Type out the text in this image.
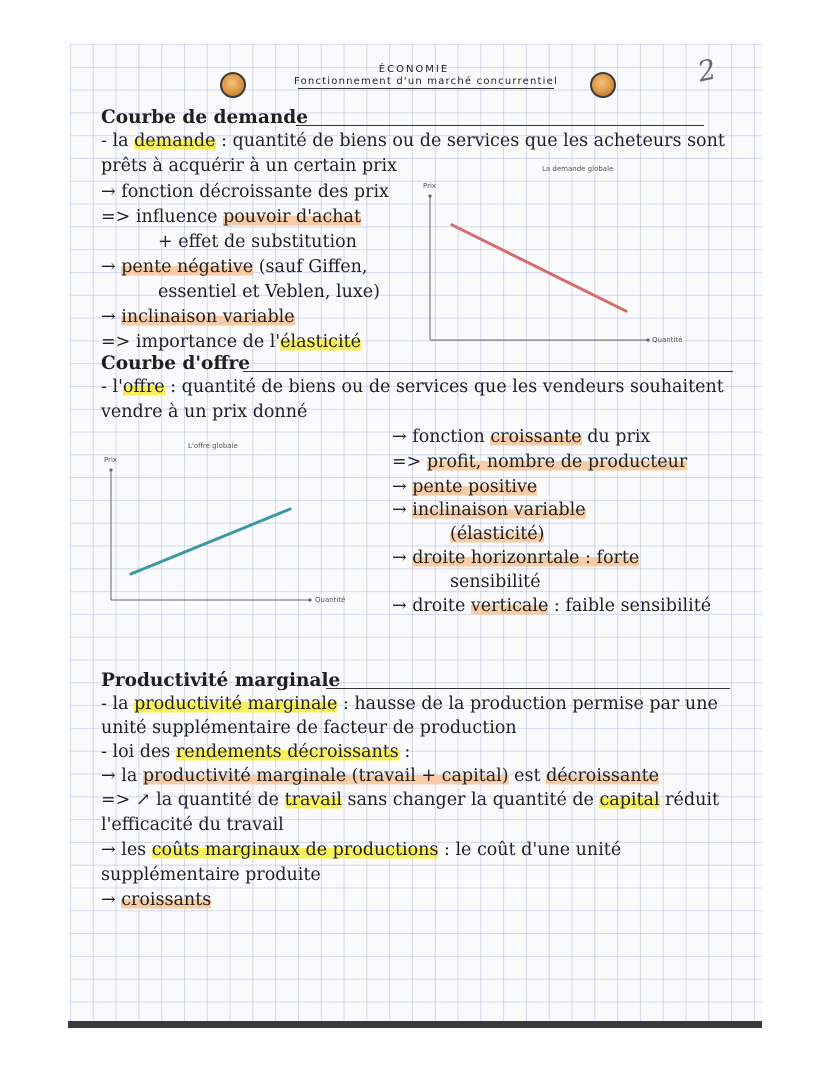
ÉCONOMIE
Fonctionnement d'un marché concurrentiel	2
Courbe de demande
- la demande : quantité de biens ou de services que les acheteurs sont
prêts à acquérir à un certain prix
→ fonction décroissante des prix
=> influence pouvoir d'achat
+ effet de substitution
→ pente négative (sauf Giffen,
essentiel et Veblen, luxe)
→ inclinaison variable
=> importance de l'élasticité
La demande globale
Prix
Quantité
Courbe d'offre
- l'offre : quantité de biens ou de services que les vendeurs souhaitent
vendre à un prix donné
L'offre globale
Prix
Quantité
→ fonction croissante du prix
=> profit, nombre de producteur
→ pente positive
→ inclinaison variable
(élasticité)
→ droite horizonrtale : forte
sensibilité
→ droite verticale : faible sensibilité
Productivité marginale
- la productivité marginale : hausse de la production permise par une
unité supplémentaire de facteur de production
- loi des rendements décroissants :
→ la productivité marginale (travail + capital) est décroissante
=> ↗ la quantité de travail sans changer la quantité de capital réduit
l'efficacité du travail
→ les coûts marginaux de productions : le coût d'une unité
supplémentaire produite
→ croissants
